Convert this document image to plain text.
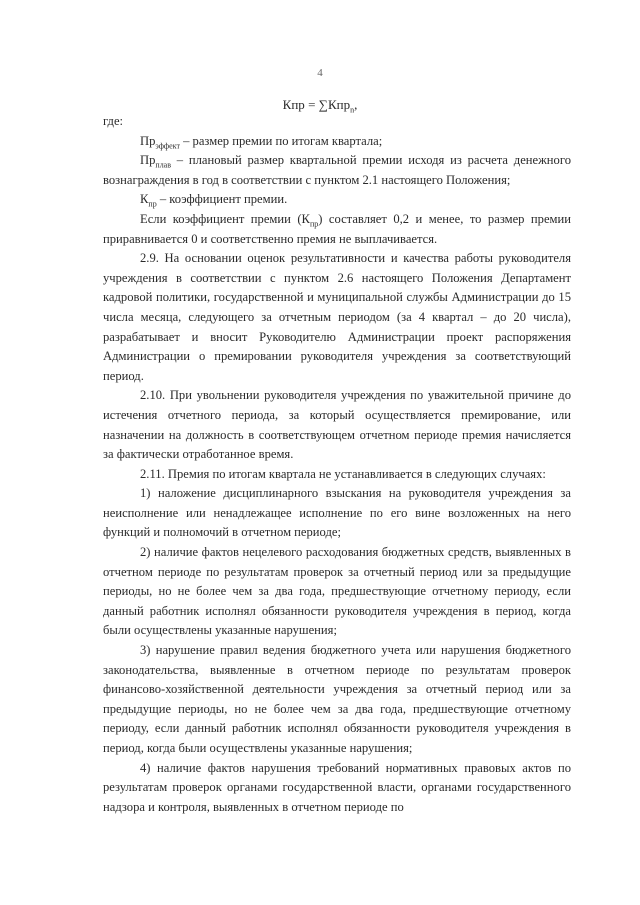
4
Кпр = ∑Кпр$_n$,

где:

$Пр_{эффект}$ – размер премии по итогам квартала;

$Пр_{плав}$ – плановый размер квартальной премии исходя из расчета денежного вознаграждения в год в соответствии с пунктом 2.1 настоящего Положения;

$К_{пр}$ – коэффициент премии.

Если коэффициент премии $(К_{пр})$ составляет 0,2 и менее, то размер премии приравнивается 0 и соответственно премия не выплачивается.

2.9. На основании оценок результативности и качества работы руководителя учреждения в соответствии с пунктом 2.6 настоящего Положения Департамент кадровой политики, государственной и муниципальной службы Администрации до 15 числа месяца, следующего за отчетным периодом (за 4 квартал – до 20 числа), разрабатывает и вносит Руководителю Администрации проект распоряжения Администрации о премировании руководителя учреждения за соответствующий период.

2.10. При увольнении руководителя учреждения по уважительной причине до истечения отчетного периода, за который осуществляется премирование, или назначении на должность в соответствующем отчетном периоде премия начисляется за фактически отработанное время.

2.11. Премия по итогам квартала не устанавливается в следующих случаях:

1) наложение дисциплинарного взыскания на руководителя учреждения за неисполнение или ненадлежащее исполнение по его вине возложенных на него функций и полномочий в отчетном периоде;

2) наличие фактов нецелевого расходования бюджетных средств, выявленных в отчетном периоде по результатам проверок за отчетный период или за предыдущие периоды, но не более чем за два года, предшествующие отчетному периоду, если данный работник исполнял обязанности руководителя учреждения в период, когда были осуществлены указанные нарушения;

3) нарушение правил ведения бюджетного учета или нарушения бюджетного законодательства, выявленные в отчетном периоде по результатам проверок финансово-хозяйственной деятельности учреждения за отчетный период или за предыдущие периоды, но не более чем за два года, предшествующие отчетному периоду, если данный работник исполнял обязанности руководителя учреждения в период, когда были осуществлены указанные нарушения;

4) наличие фактов нарушения требований нормативных правовых актов по результатам проверок органами государственной власти, органами государственного надзора и контроля, выявленных в отчетном периоде по
